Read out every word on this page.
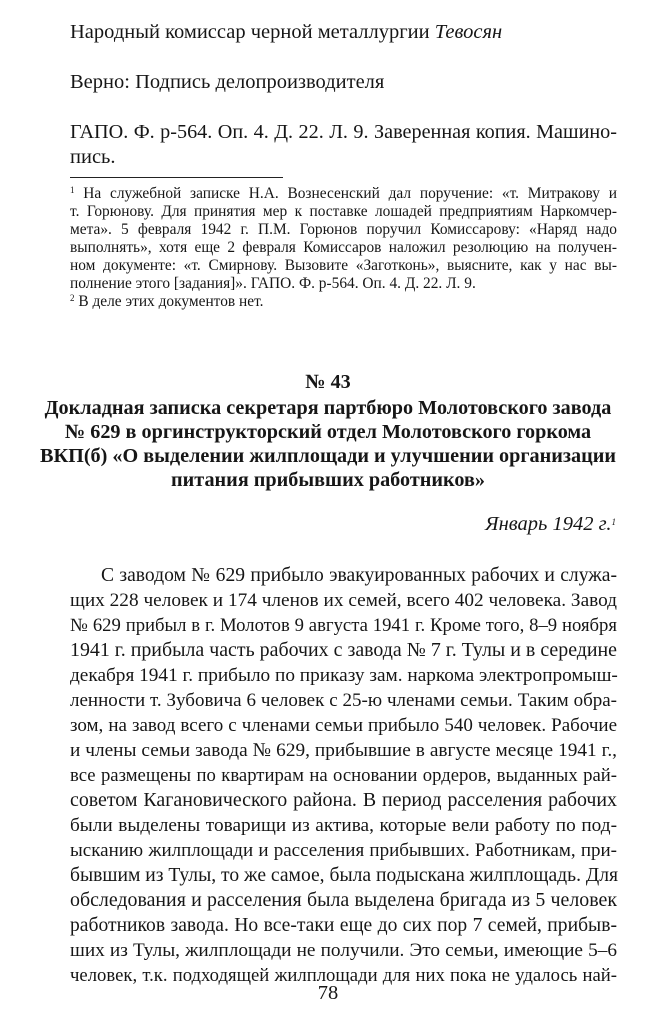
Народный комиссар черной металлургии Тевосян
Верно: Подпись делопроизводителя
ГАПО. Ф. р-564. Оп. 4. Д. 22. Л. 9. Заверенная копия. Машино-
пись.
$^1$ На служебной записке Н.А. Вознесенский дал поручение: «т. Митракову и
т. Горюнову. Для принятия мер к поставке лошадей предприятиям Наркомчер-
мета». 5 февраля 1942 г. П.М. Горюнов поручил Комиссарову: «Наряд надо
выполнять», хотя еще 2 февраля Комиссаров наложил резолюцию на получен-
ном документе: «т. Смирнову. Вызовите «Заготконь», выясните, как у нас вы-
полнение этого [задания]». ГАПО. Ф. р-564. Оп. 4. Д. 22. Л. 9.
$^2$ В деле этих документов нет.
№ 43
Докладная записка секретаря партбюро Молотовского завода
№ 629 в оргинструкторский отдел Молотовского горкома
ВКП(б) «О выделении жилплощади и улучшении организации
питания прибывших работников»
Январь 1942 г.$^1$
С заводом № 629 прибыло эвакуированных рабочих и служа-
щих 228 человек и 174 членов их семей, всего 402 человека. Завод
№ 629 прибыл в г. Молотов 9 августа 1941 г. Кроме того, 8–9 ноября
1941 г. прибыла часть рабочих с завода № 7 г. Тулы и в середине
декабря 1941 г. прибыло по приказу зам. наркома электропромыш-
ленности т. Зубовича 6 человек с 25-ю членами семьи. Таким обра-
зом, на завод всего с членами семьи прибыло 540 человек. Рабочие
и члены семьи завода № 629, прибывшие в августе месяце 1941 г.,
все размещены по квартирам на основании ордеров, выданных рай-
советом Кагановического района. В период расселения рабочих
были выделены товарищи из актива, которые вели работу по под-
ысканию жилплощади и расселения прибывших. Работникам, при-
бывшим из Тулы, то же самое, была подыскана жилплощадь. Для
обследования и расселения была выделена бригада из 5 человек
работников завода. Но все-таки еще до сих пор 7 семей, прибыв-
ших из Тулы, жилплощади не получили. Это семьи, имеющие 5–6
человек, т.к. подходящей жилплощади для них пока не удалось най-
78
